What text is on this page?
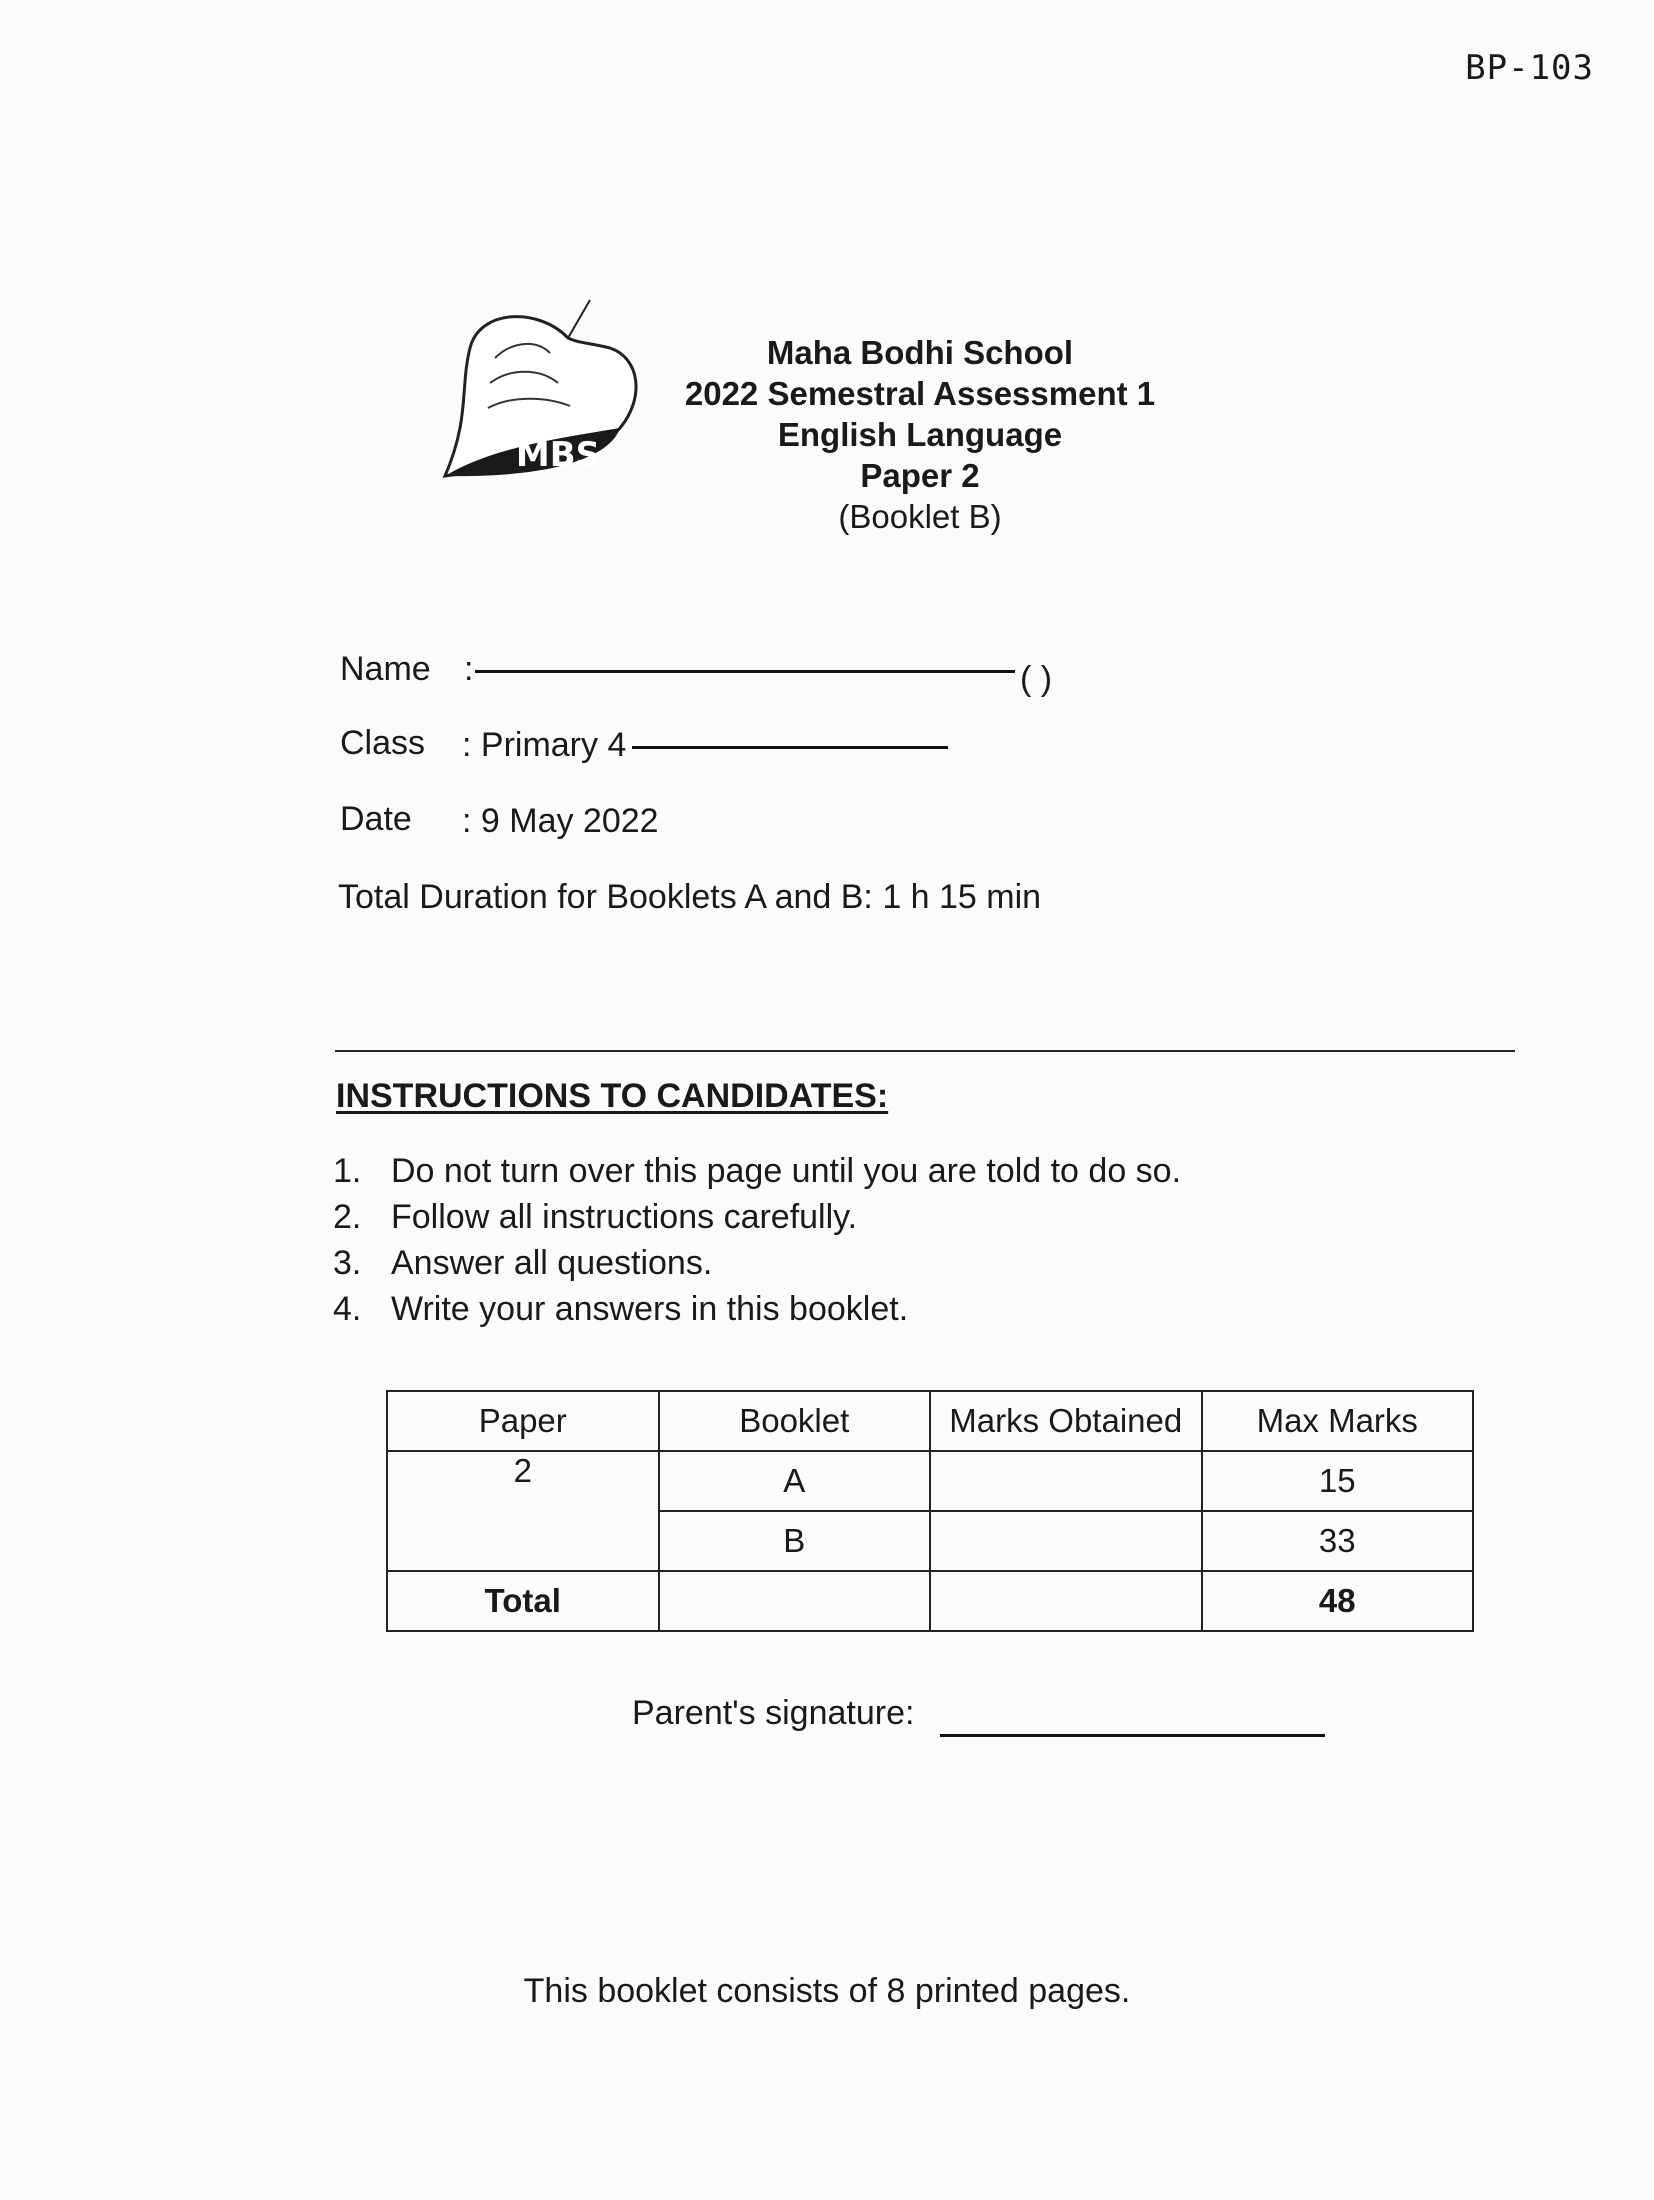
BP-103
MBS
Maha Bodhi School
2022 Semestral Assessment 1
English Language
Paper 2
(Booklet B)
Name :	( )
Class : Primary 4
Date : 9 May 2022
Total Duration for Booklets A and B: 1 h 15 min
INSTRUCTIONS TO CANDIDATES:
1. Do not turn over this page until you are told to do so.
2. Follow all instructions carefully.
3. Answer all questions.
4. Write your answers in this booklet.
Paper	Booklet	Marks Obtained	Max Marks
2	A		15
	B		33
Total			48
Parent's signature:
This booklet consists of 8 printed pages.
